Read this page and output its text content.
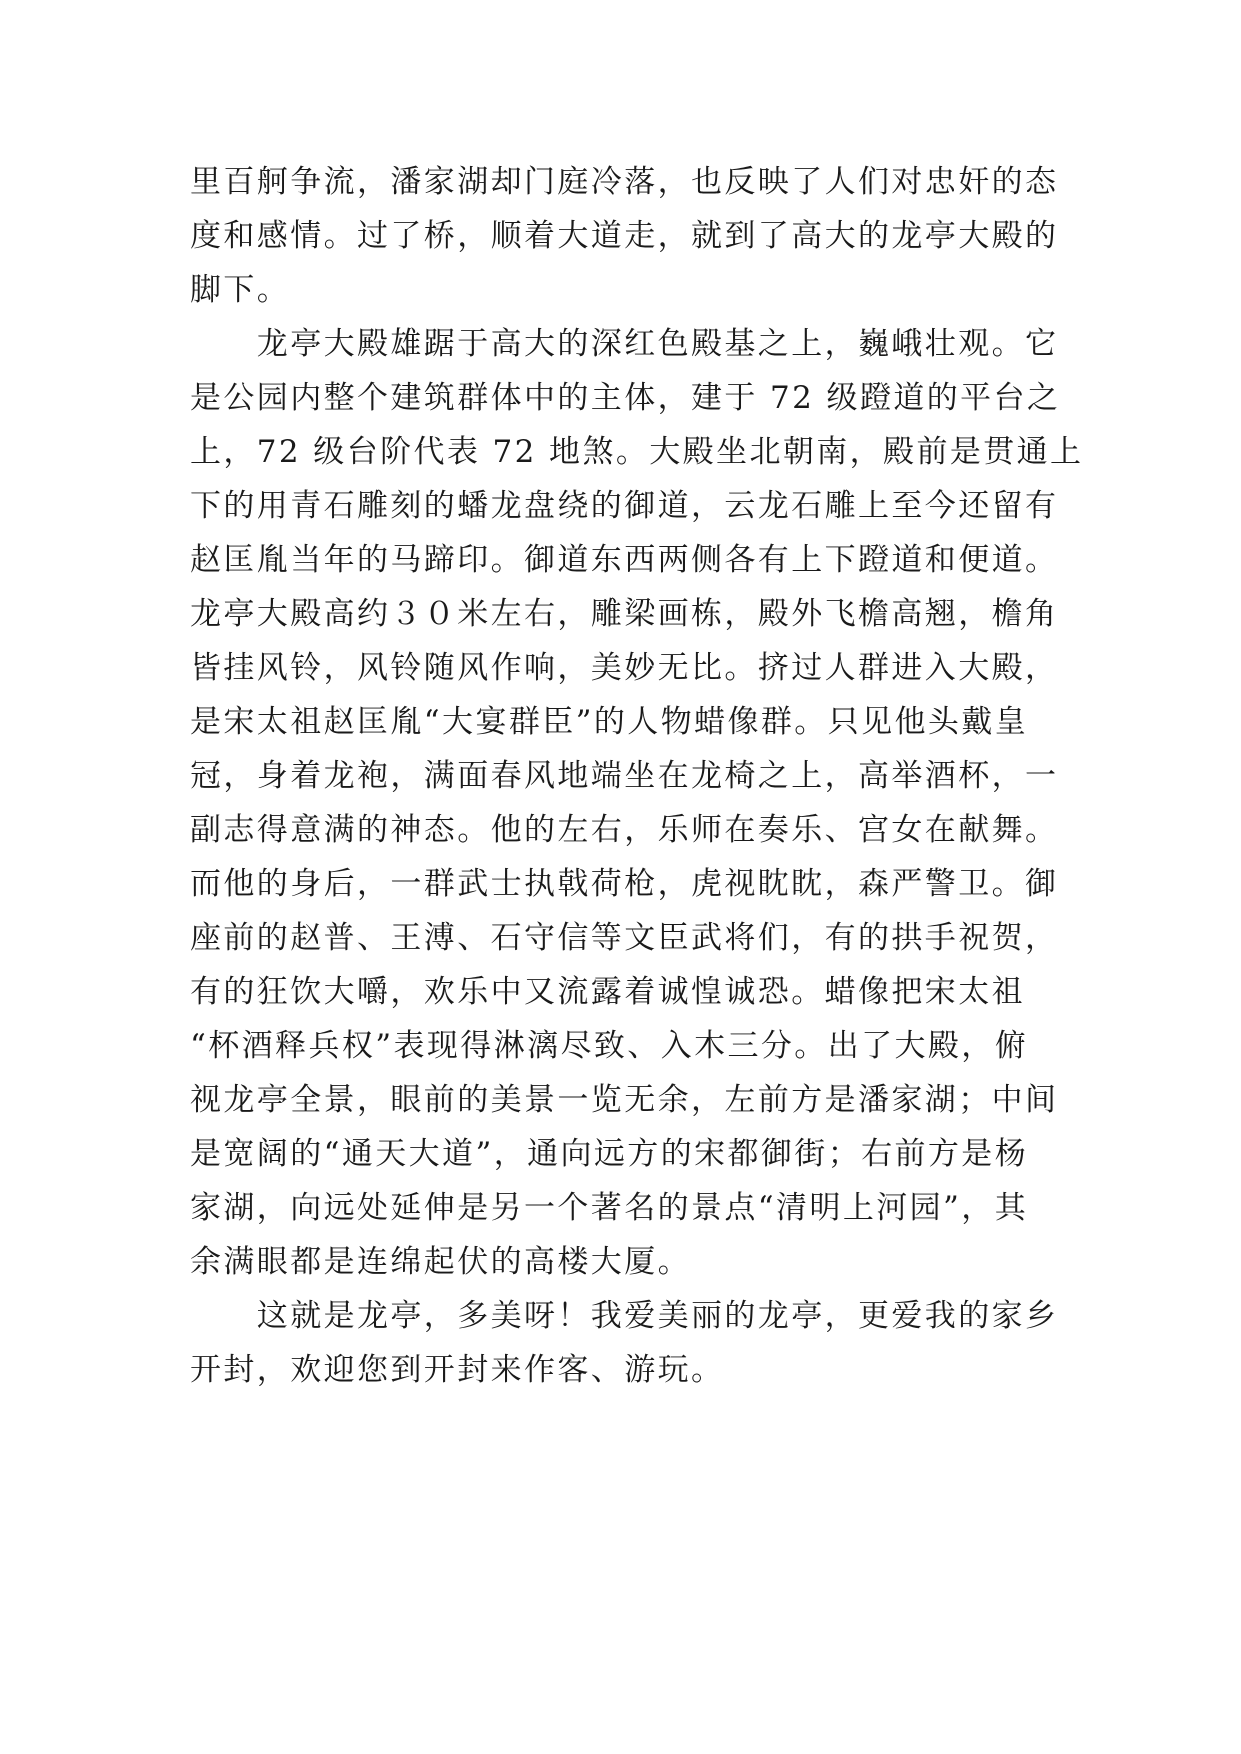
里百舸争流，潘家湖却门庭冷落，也反映了人们对忠奸的态
度和感情。过了桥，顺着大道走，就到了高大的龙亭大殿的
脚下。
　　龙亭大殿雄踞于高大的深红色殿基之上，巍峨壮观。它
是公园内整个建筑群体中的主体，建于 72 级蹬道的平台之
上，72 级台阶代表 72 地煞。大殿坐北朝南，殿前是贯通上
下的用青石雕刻的蟠龙盘绕的御道，云龙石雕上至今还留有
赵匡胤当年的马蹄印。御道东西两侧各有上下蹬道和便道。
龙亭大殿高约３０米左右，雕梁画栋，殿外飞檐高翘，檐角
皆挂风铃，风铃随风作响，美妙无比。挤过人群进入大殿，
是宋太祖赵匡胤“大宴群臣”的人物蜡像群。只见他头戴皇
冠，身着龙袍，满面春风地端坐在龙椅之上，高举酒杯，一
副志得意满的神态。他的左右，乐师在奏乐、宫女在献舞。
而他的身后，一群武士执戟荷枪，虎视眈眈，森严警卫。御
座前的赵普、王溥、石守信等文臣武将们，有的拱手祝贺，
有的狂饮大嚼，欢乐中又流露着诚惶诚恐。蜡像把宋太祖
“杯酒释兵权”表现得淋漓尽致、入木三分。出了大殿，俯
视龙亭全景，眼前的美景一览无余，左前方是潘家湖；中间
是宽阔的“通天大道”，通向远方的宋都御街；右前方是杨
家湖，向远处延伸是另一个著名的景点“清明上河园”，其
余满眼都是连绵起伏的高楼大厦。
　　这就是龙亭，多美呀！我爱美丽的龙亭，更爱我的家乡
开封，欢迎您到开封来作客、游玩。
